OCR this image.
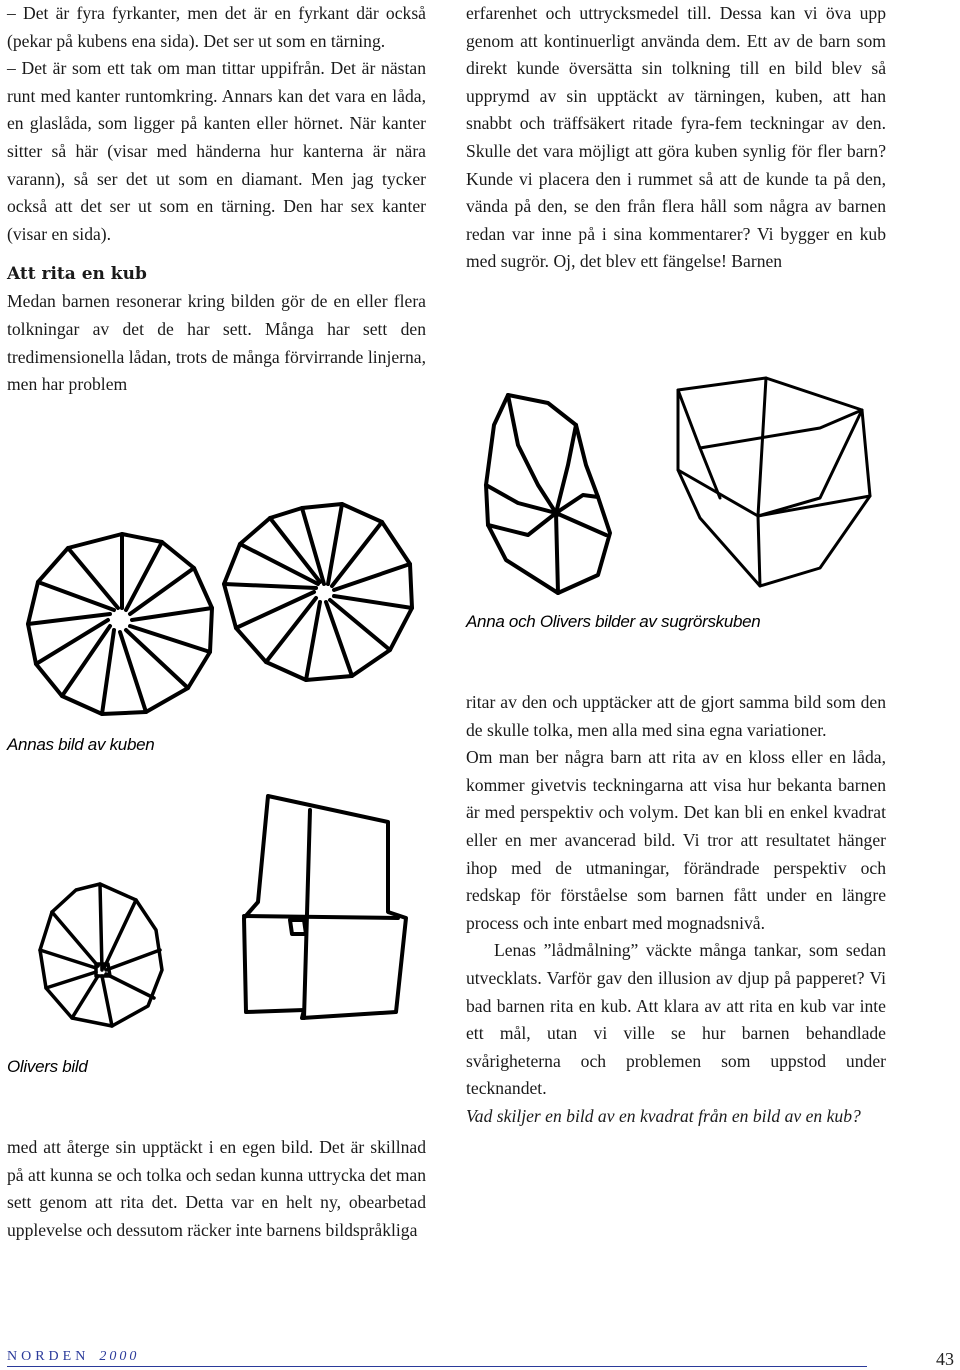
– Det är fyra fyrkanter, men det är en fyrkant där också (pekar på kubens ena sida). Det ser ut som en tärning.

– Det är som ett tak om man tittar uppifrån. Det är nästan runt med kanter runtomkring. Annars kan det vara en låda, en glaslåda, som ligger på kanten eller hörnet. När kanter sitter så här (visar med händerna hur kanterna är nära varann), så ser det ut som en diamant. Men jag tycker också att det ser ut som en tärning. Den har sex kanter (visar en sida).

Att rita en kub

Medan barnen resonerar kring bilden gör de en eller flera tolkningar av det de har sett. Många har sett den tredimensionella lådan, trots de många förvirrande linjerna, men har problem

erfarenhet och uttrycksmedel till. Dessa kan vi öva upp genom att kontinuerligt använda dem. Ett av de barn som direkt kunde översätta sin tolkning till en bild blev så upprymd av sin upptäckt av tärningen, kuben, att han snabbt och träffsäkert ritade fyra-fem teckningar av den. Skulle det vara möjligt att göra kuben synlig för fler barn? Kunde vi placera den i rummet så att de kunde ta på den, vända på den, se den från flera håll som några av barnen redan var inne på i sina kommentarer? Vi bygger en kub med sugrör. Oj, det blev ett fängelse! Barnen

Anna och Olivers bilder av sugrörskuben
Annas bild av kuben
Olivers bild

med att återge sin upptäckt i en egen bild. Det är skillnad på att kunna se och tolka och sedan kunna uttrycka det man sett genom att rita det. Detta var en helt ny, obearbetad upplevelse och dessutom räcker inte barnens bildspråkliga

ritar av den och upptäcker att de gjort samma bild som den de skulle tolka, men alla med sina egna variationer.

Om man ber några barn att rita av en kloss eller en låda, kommer givetvis teckningarna att visa hur bekanta barnen är med perspektiv och volym. Det kan bli en enkel kvadrat eller en mer avancerad bild. Vi tror att resultatet hänger ihop med de utmaningar, förändrade perspektiv och redskap för förståelse som barnen fått under en längre process och inte enbart med mognadsnivå.

Lenas ”lådmålning” väckte många tankar, som sedan utvecklats. Varför gav den illusion av djup på papperet? Vi bad barnen rita en kub. Att klara av att rita en kub var inte ett mål, utan vi ville se hur barnen behandlade svårigheterna och problemen som uppstod under tecknandet.

Vad skiljer en bild av en kvadrat från en bild av en kub?

NORDEN 2000	43
